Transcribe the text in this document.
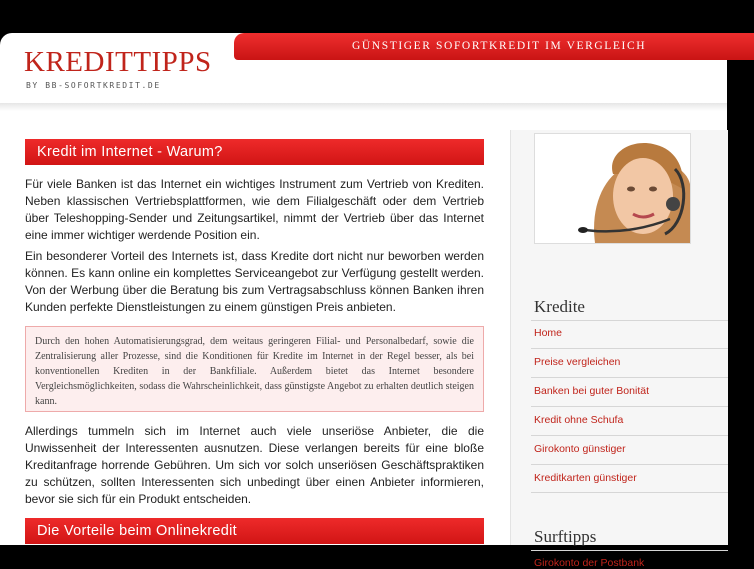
KREDITTIPPS
BY BB-SOFORTKREDIT.DE
GÜNSTIGER SOFORTKREDIT IM VERGLEICH
Kredit im Internet - Warum?

Für viele Banken ist das Internet ein wichtiges Instrument zum Vertrieb von Krediten. Neben klassischen Vertriebsplattformen, wie dem Filialgeschäft oder dem Vertrieb über Teleshopping-Sender und Zeitungsartikel, nimmt der Vertrieb über das Internet eine immer wichtiger werdende Position ein.

Ein besonderer Vorteil des Internets ist, dass Kredite dort nicht nur beworben werden können. Es kann online ein komplettes Serviceangebot zur Verfügung gestellt werden. Von der Werbung über die Beratung bis zum Vertragsabschluss können Banken ihren Kunden perfekte Dienstleistungen zu einem günstigen Preis anbieten.

Durch den hohen Automatisierungsgrad, dem weitaus geringeren Filial- und Personalbedarf, sowie die Zentralisierung aller Prozesse, sind die Konditionen für Kredite im Internet in der Regel besser, als bei konventionellen Krediten in der Bankfiliale. Außerdem bietet das Internet besondere Vergleichsmöglichkeiten, sodass die Wahrscheinlichkeit, dass günstigste Angebot zu erhalten deutlich steigen kann.

Allerdings tummeln sich im Internet auch viele unseriöse Anbieter, die die Unwissenheit der Interessenten ausnutzen. Diese verlangen bereits für eine bloße Kreditanfrage horrende Gebühren. Um sich vor solch unseriösen Geschäftspraktiken zu schützen, sollten Interessenten sich unbedingt über einen Anbieter informieren, bevor sie sich für ein Produkt entscheiden.

Die Vorteile beim Onlinekredit
Kredite
Home
Preise vergleichen
Banken bei guter Bonität
Kredit ohne Schufa
Girokonto günstiger
Kreditkarten günstiger
Surftipps
Girokonto der Postbank
